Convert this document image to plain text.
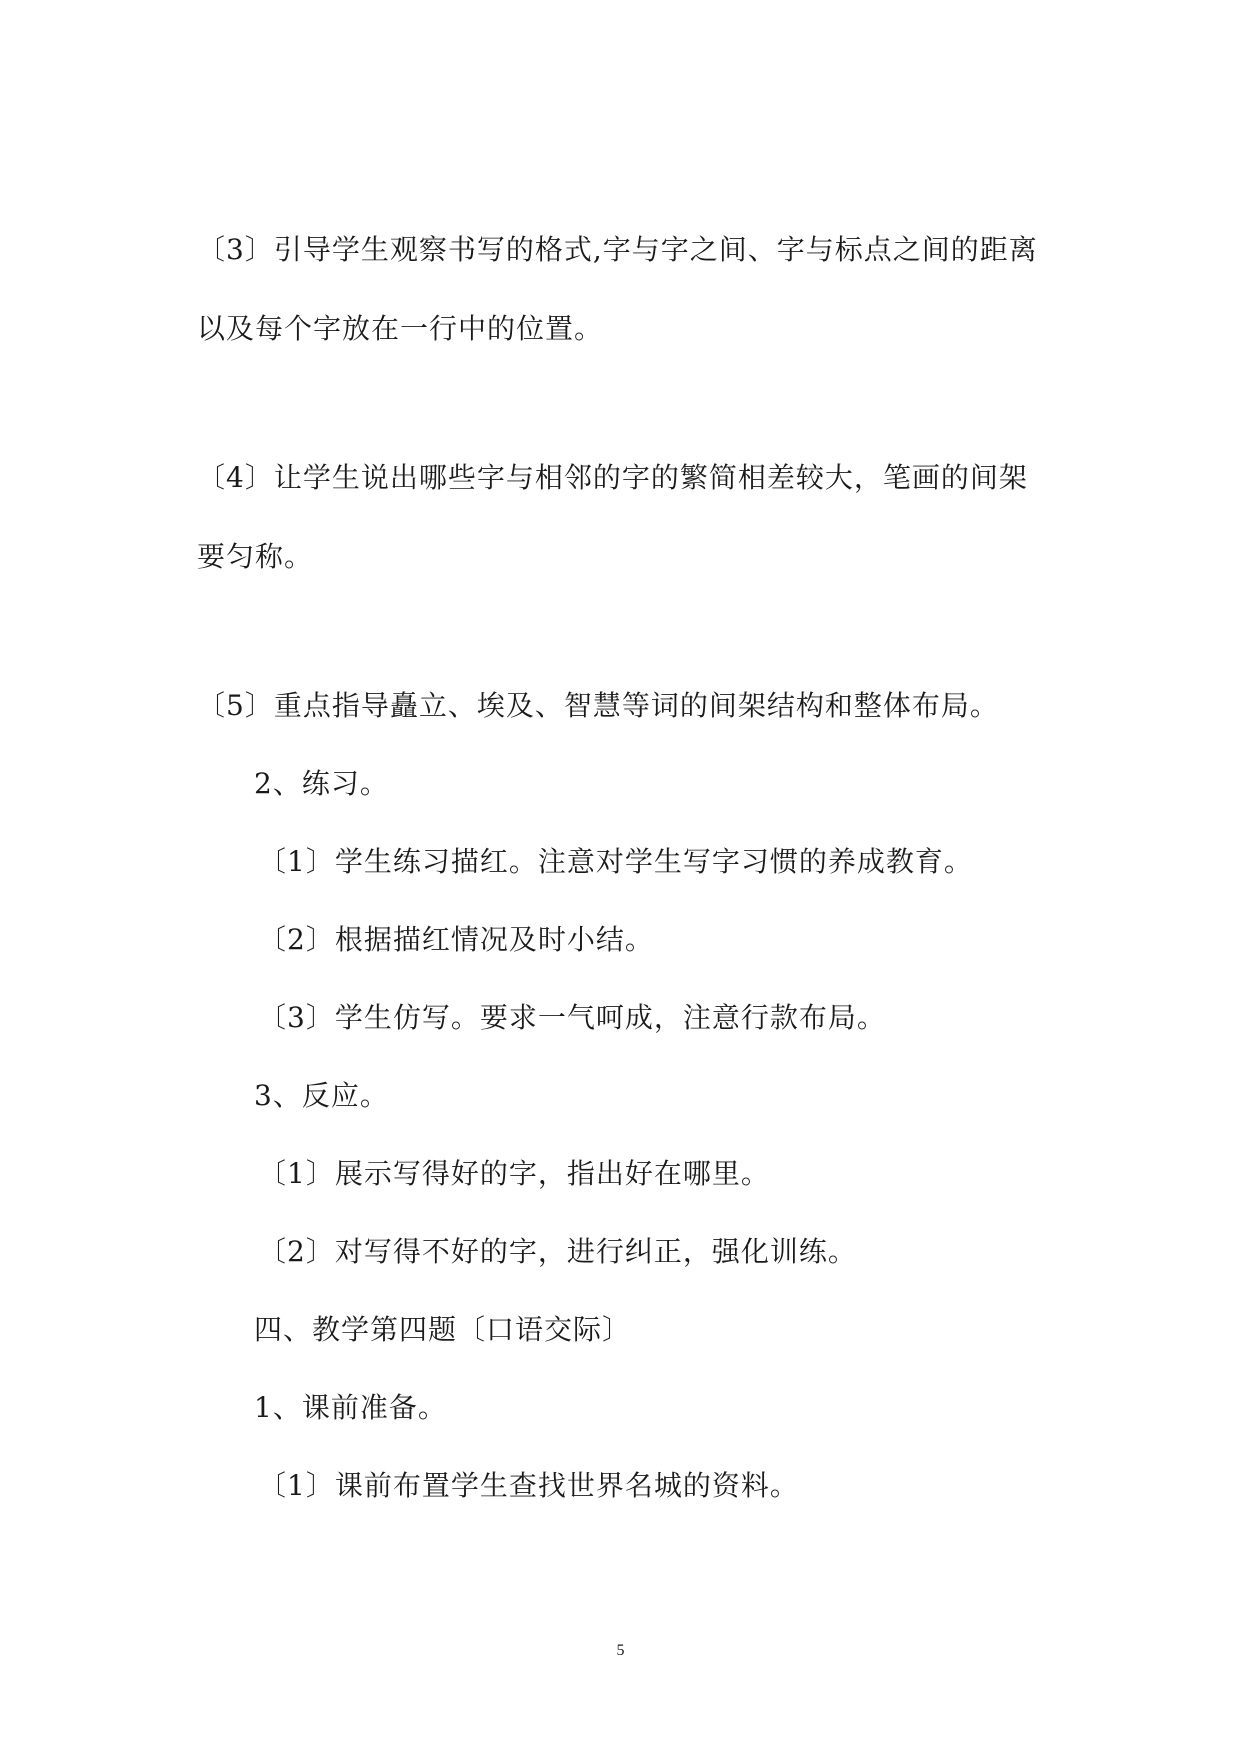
〔3〕引导学生观察书写的格式,字与字之间、字与标点之间的距离
以及每个字放在一行中的位置。
〔4〕让学生说出哪些字与相邻的字的繁简相差较大，笔画的间架
要匀称。
〔5〕重点指导矗立、埃及、智慧等词的间架结构和整体布局。
2、练习。
〔1〕学生练习描红。注意对学生写字习惯的养成教育。
〔2〕根据描红情况及时小结。
〔3〕学生仿写。要求一气呵成，注意行款布局。
3、反应。
〔1〕展示写得好的字，指出好在哪里。
〔2〕对写得不好的字，进行纠正，强化训练。
四、教学第四题〔口语交际〕
1、课前准备。
〔1〕课前布置学生查找世界名城的资料。
5
